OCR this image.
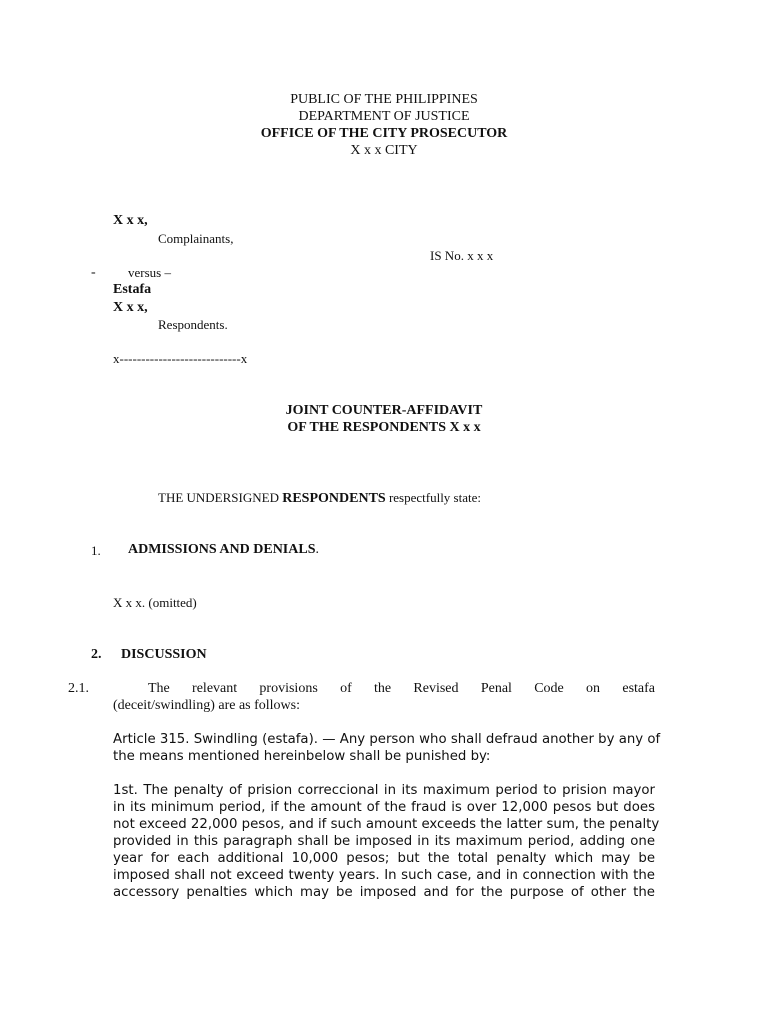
PUBLIC OF THE PHILIPPINES
DEPARTMENT OF JUSTICE
OFFICE OF THE CITY PROSECUTOR
X x x CITY
X x x,
Complainants,
IS No. x x x
- versus –
Estafa
X x x,
Respondents.
x----------------------------x
JOINT COUNTER-AFFIDAVIT
OF THE RESPONDENTS X x x
THE UNDERSIGNED RESPONDENTS respectfully state:
1. ADMISSIONS AND DENIALS.
X x x. (omitted)
2. DISCUSSION
2.1.	The relevant provisions of the Revised Penal Code on estafa
(deceit/swindling) are as follows:
Article 315. Swindling (estafa). — Any person who shall defraud another by any of
the means mentioned hereinbelow shall be punished by:
1st. The penalty of prision correccional in its maximum period to prision mayor
in its minimum period, if the amount of the fraud is over 12,000 pesos but does
not exceed 22,000 pesos, and if such amount exceeds the latter sum, the penalty
provided in this paragraph shall be imposed in its maximum period, adding one
year for each additional 10,000 pesos; but the total penalty which may be
imposed shall not exceed twenty years. In such case, and in connection with the
accessory penalties which may be imposed and for the purpose of other the
